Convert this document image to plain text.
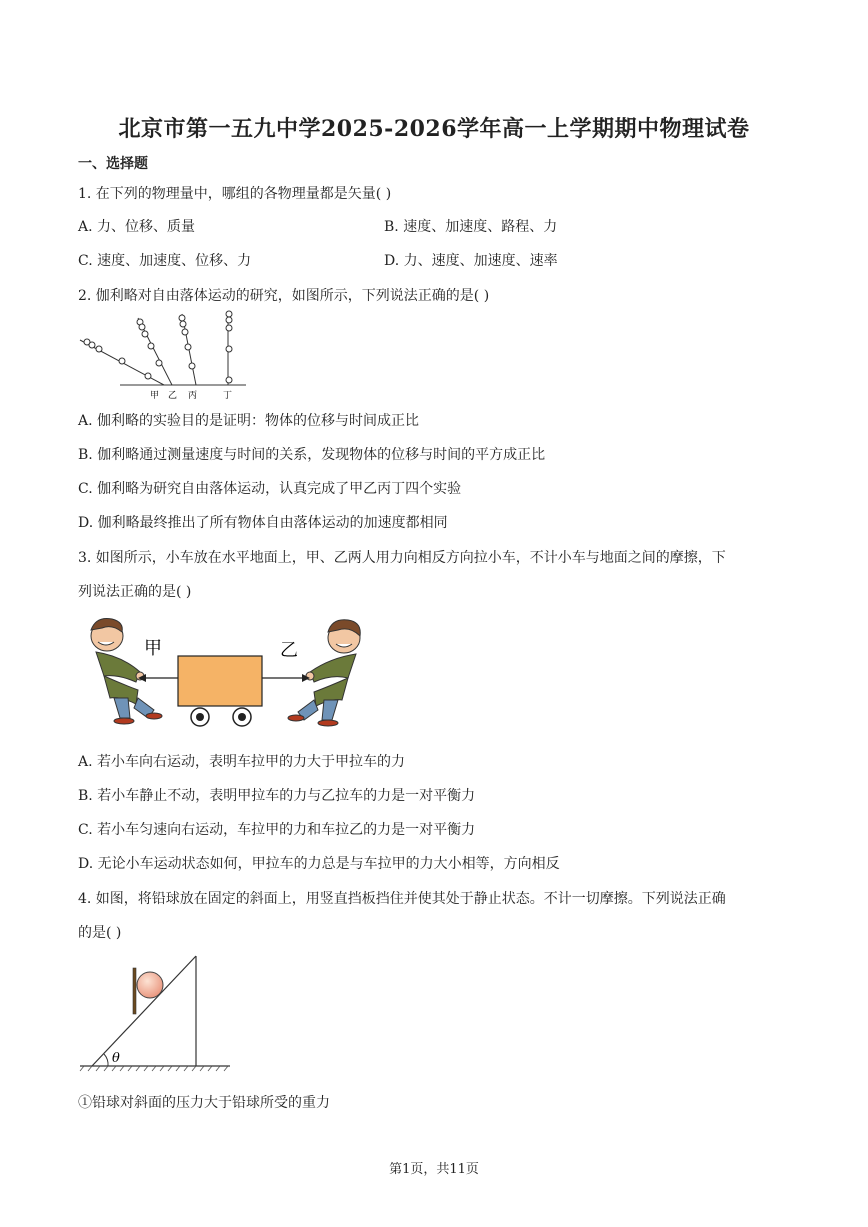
北京市第一五九中学2025-2026学年高一上学期期中物理试卷
一、选择题
1. 在下列的物理量中，哪组的各物理量都是矢量( )
A. 力、位移、质量	B. 速度、加速度、路程、力
C. 速度、加速度、位移、力	D. 力、速度、加速度、速率
2. 伽利略对自由落体运动的研究，如图所示，下列说法正确的是( )
甲 乙 丙	丁
A. 伽利略的实验目的是证明：物体的位移与时间成正比
B. 伽利略通过测量速度与时间的关系，发现物体的位移与时间的平方成正比
C. 伽利略为研究自由落体运动，认真完成了甲乙丙丁四个实验
D. 伽利略最终推出了所有物体自由落体运动的加速度都相同
3. 如图所示，小车放在水平地面上，甲、乙两人用力向相反方向拉小车，不计小车与地面之间的摩擦，下
列说法正确的是( )
甲	乙
A. 若小车向右运动，表明车拉甲的力大于甲拉车的力
B. 若小车静止不动，表明甲拉车的力与乙拉车的力是一对平衡力
C. 若小车匀速向右运动，车拉甲的力和车拉乙的力是一对平衡力
D. 无论小车运动状态如何，甲拉车的力总是与车拉甲的力大小相等，方向相反
4. 如图，将铅球放在固定的斜面上，用竖直挡板挡住并使其处于静止状态。不计一切摩擦。下列说法正确
的是( )
θ
①铅球对斜面的压力大于铅球所受的重力
第1页，共11页
